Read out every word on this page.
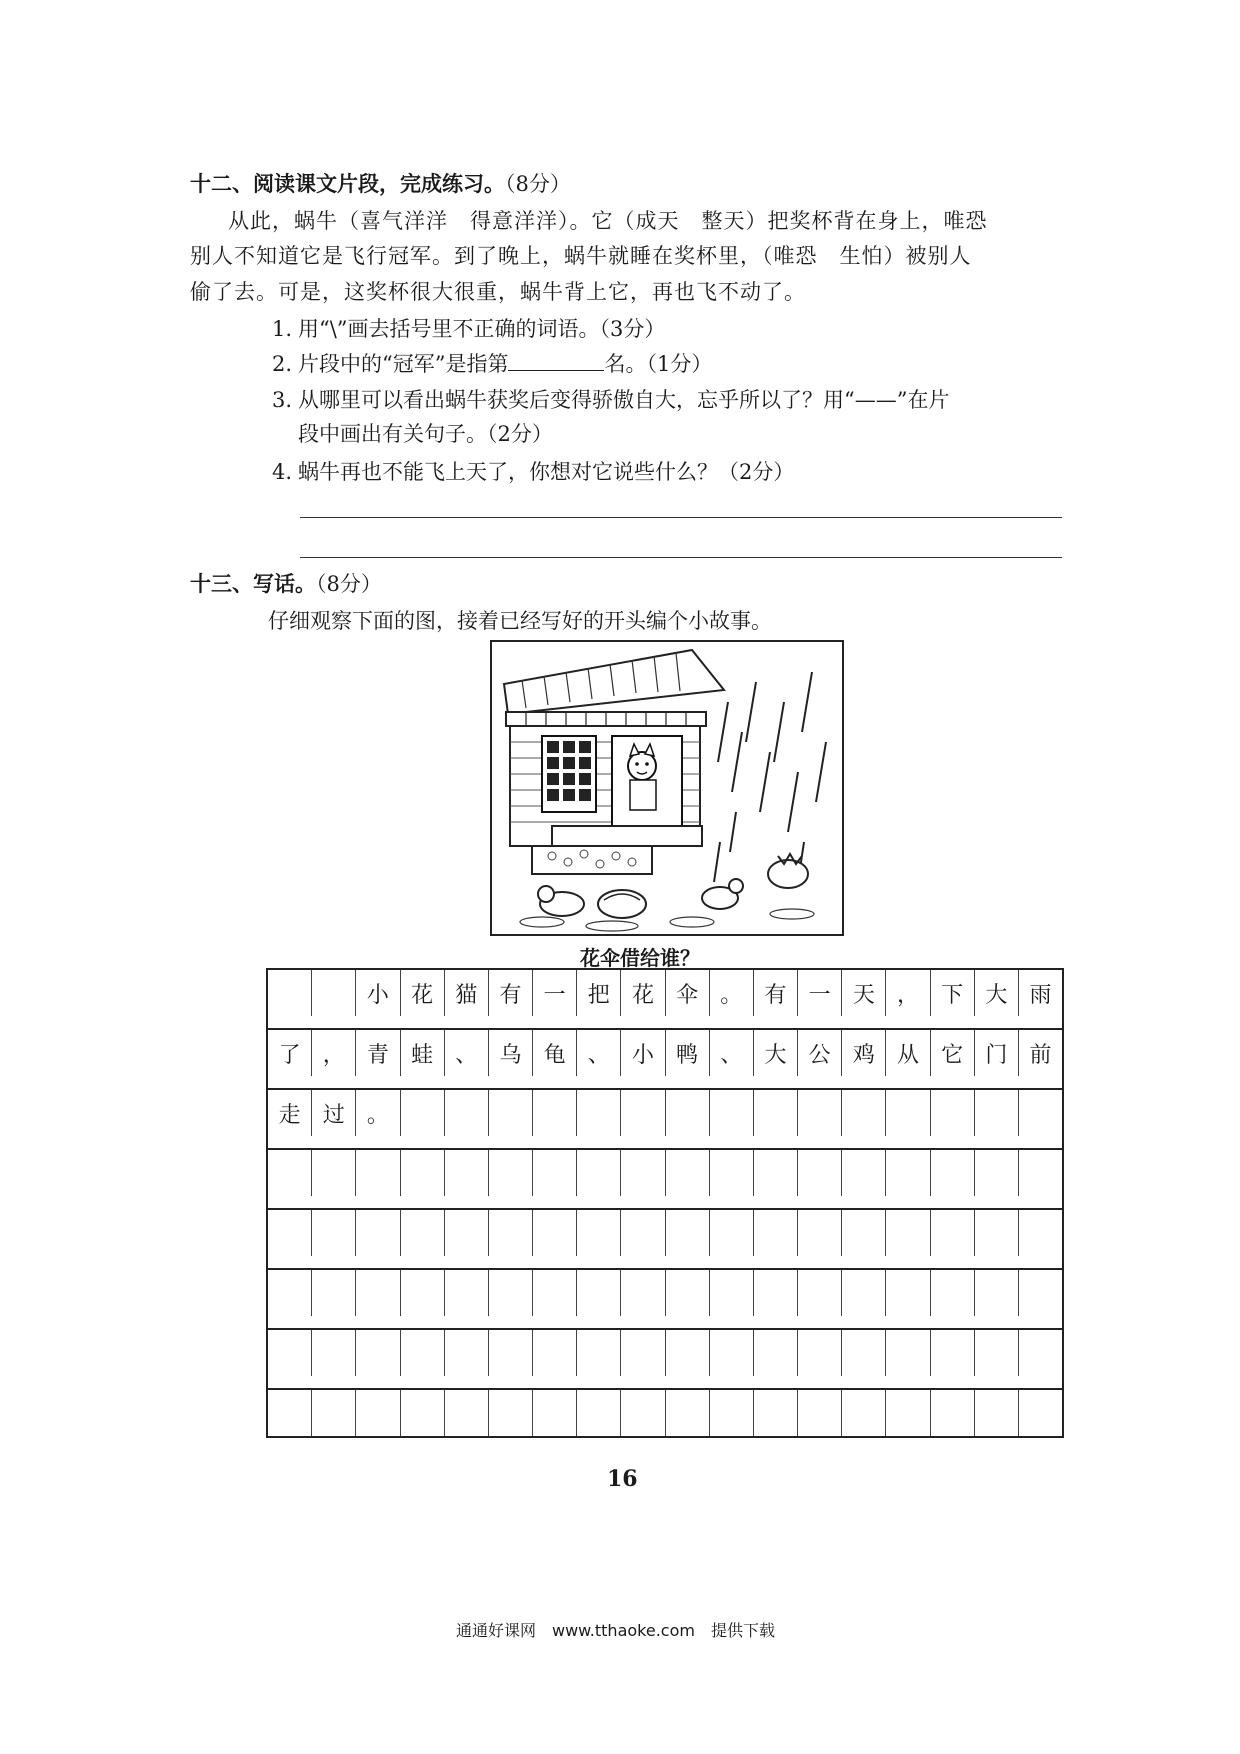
十二、阅读课文片段，完成练习。（8分）
从此，蜗牛（喜气洋洋　得意洋洋）。它（成天　整天）把奖杯背在身上，唯恐
别人不知道它是飞行冠军。到了晚上，蜗牛就睡在奖杯里，（唯恐　生怕）被别人
偷了去。可是，这奖杯很大很重，蜗牛背上它，再也飞不动了。
1. 用“\”画去括号里不正确的词语。（3分）
2. 片段中的“冠军”是指第	名。（1分）
3. 从哪里可以看出蜗牛获奖后变得骄傲自大，忘乎所以了？用“——”在片
段中画出有关句子。（2分）
4. 蜗牛再也不能飞上天了，你想对它说些什么？（2分）
十三、写话。（8分）
仔细观察下面的图，接着已经写好的开头编个小故事。
花伞借给谁？
小	花	猫	有	一	把	花	伞	。	有	一	天	，	下	大	雨
了	，	青	蛙	、	乌	龟	、	小	鸭	、	大	公	鸡	从	它	门	前
走	过	。
16
通通好课网　www.tthaoke.com　提供下载
